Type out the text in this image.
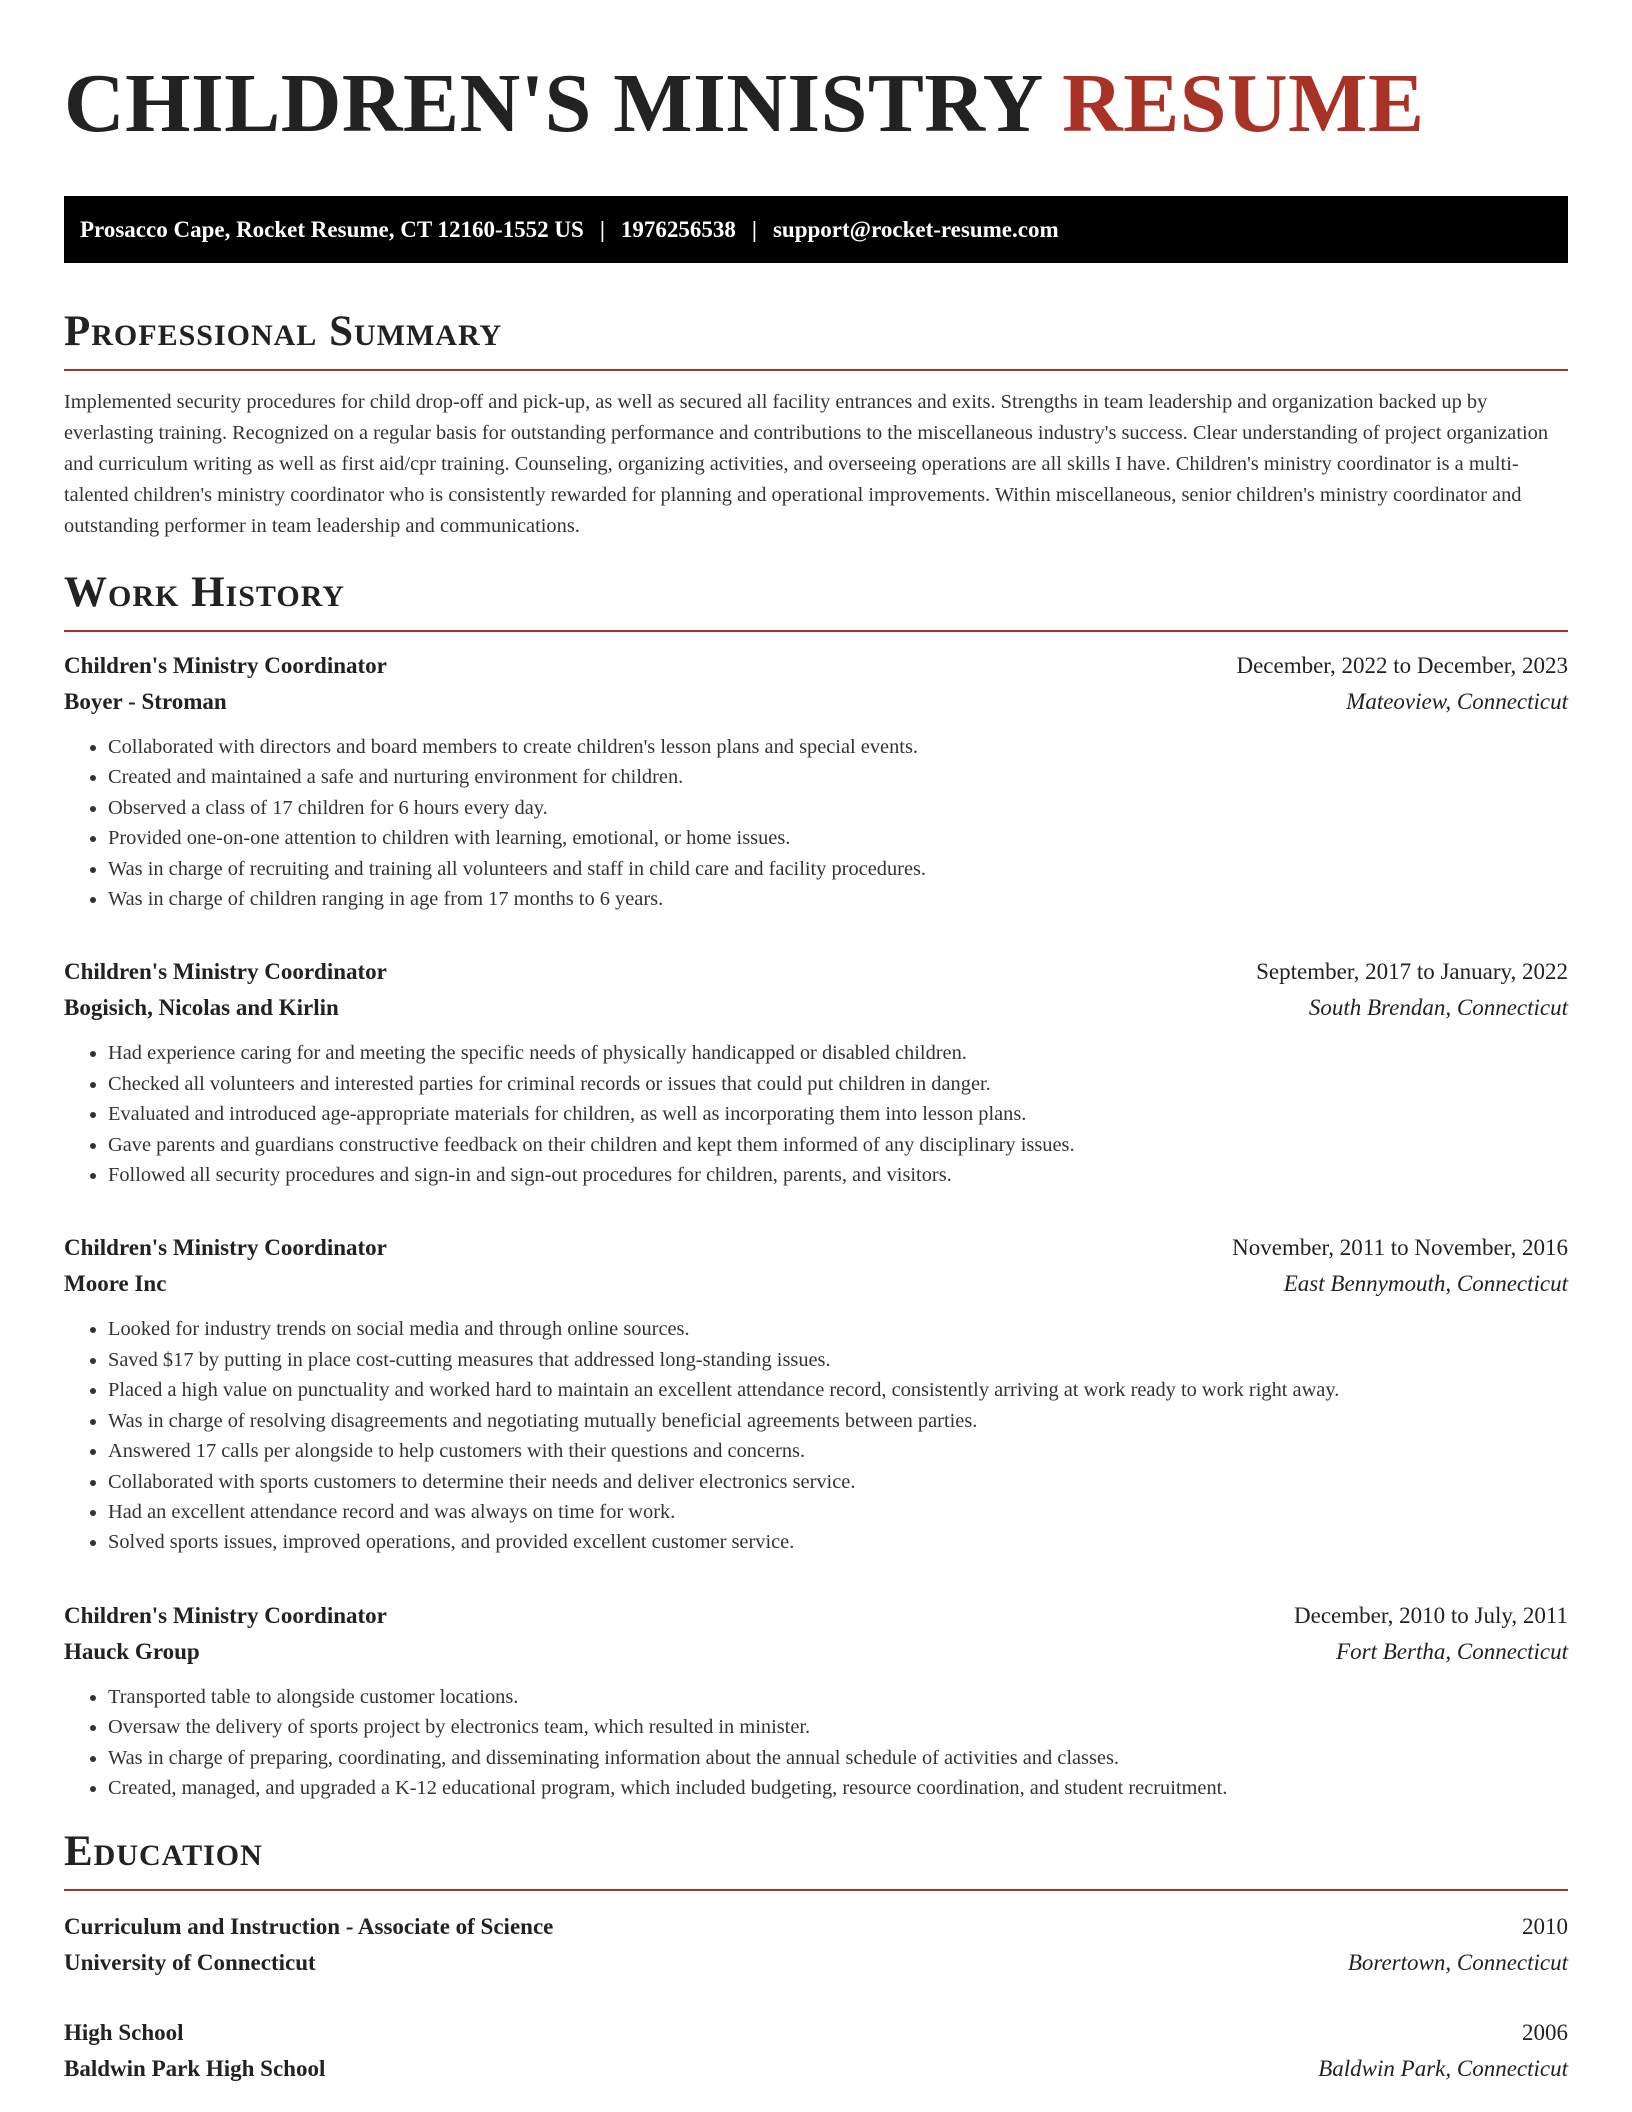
CHILDREN'S MINISTRY RESUME
Prosacco Cape, Rocket Resume, CT 12160-1552 US | 1976256538 | support@rocket-resume.com
Professional Summary

Implemented security procedures for child drop-off and pick-up, as well as secured all facility entrances and exits. Strengths in team leadership and organization backed up by everlasting training. Recognized on a regular basis for outstanding performance and contributions to the miscellaneous industry's success. Clear understanding of project organization and curriculum writing as well as first aid/cpr training. Counseling, organizing activities, and overseeing operations are all skills I have. Children's ministry coordinator is a multi-talented children's ministry coordinator who is consistently rewarded for planning and operational improvements. Within miscellaneous, senior children's ministry coordinator and outstanding performer in team leadership and communications.

Work History
Children's Ministry Coordinator	December, 2022 to December, 2023
Boyer - Stroman	Mateoview, Connecticut
• Collaborated with directors and board members to create children's lesson plans and special events.
• Created and maintained a safe and nurturing environment for children.
• Observed a class of 17 children for 6 hours every day.
• Provided one-on-one attention to children with learning, emotional, or home issues.
• Was in charge of recruiting and training all volunteers and staff in child care and facility procedures.
• Was in charge of children ranging in age from 17 months to 6 years.
Children's Ministry Coordinator	September, 2017 to January, 2022
Bogisich, Nicolas and Kirlin	South Brendan, Connecticut
• Had experience caring for and meeting the specific needs of physically handicapped or disabled children.
• Checked all volunteers and interested parties for criminal records or issues that could put children in danger.
• Evaluated and introduced age-appropriate materials for children, as well as incorporating them into lesson plans.
• Gave parents and guardians constructive feedback on their children and kept them informed of any disciplinary issues.
• Followed all security procedures and sign-in and sign-out procedures for children, parents, and visitors.
Children's Ministry Coordinator	November, 2011 to November, 2016
Moore Inc	East Bennymouth, Connecticut
• Looked for industry trends on social media and through online sources.
• Saved $17 by putting in place cost-cutting measures that addressed long-standing issues.
• Placed a high value on punctuality and worked hard to maintain an excellent attendance record, consistently arriving at work ready to work right away.
• Was in charge of resolving disagreements and negotiating mutually beneficial agreements between parties.
• Answered 17 calls per alongside to help customers with their questions and concerns.
• Collaborated with sports customers to determine their needs and deliver electronics service.
• Had an excellent attendance record and was always on time for work.
• Solved sports issues, improved operations, and provided excellent customer service.
Children's Ministry Coordinator	December, 2010 to July, 2011
Hauck Group	Fort Bertha, Connecticut
• Transported table to alongside customer locations.
• Oversaw the delivery of sports project by electronics team, which resulted in minister.
• Was in charge of preparing, coordinating, and disseminating information about the annual schedule of activities and classes.
• Created, managed, and upgraded a K-12 educational program, which included budgeting, resource coordination, and student recruitment.
Education
Curriculum and Instruction - Associate of Science	2010
University of Connecticut	Borertown, Connecticut
High School	2006
Baldwin Park High School	Baldwin Park, Connecticut
